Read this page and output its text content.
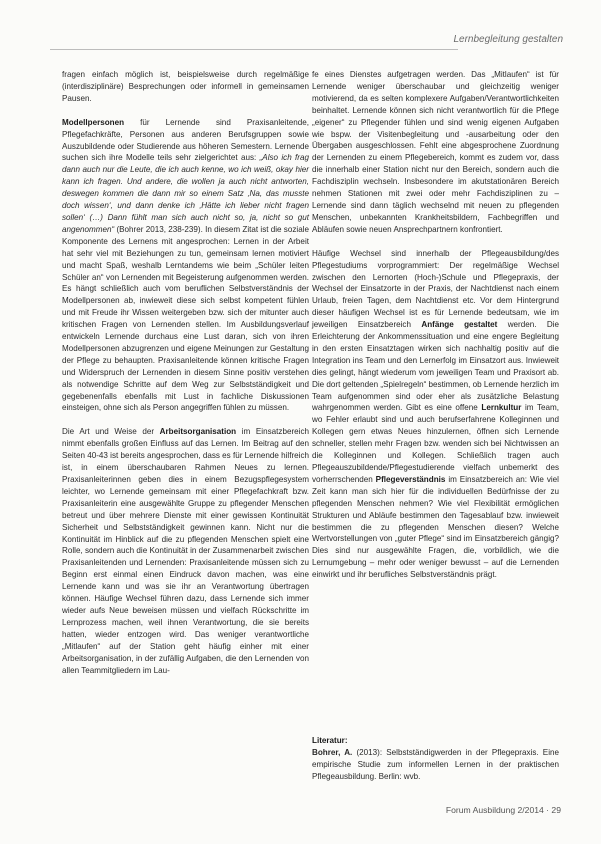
Lernbegleitung gestalten

fragen einfach möglich ist, beispielsweise durch regelmäßige (interdisziplinäre) Besprechungen oder informell in gemeinsamen Pausen.

Modellpersonen für Lernende sind Praxisanleitende, Pflegefachkräfte, Personen aus anderen Berufsgruppen sowie Auszubildende oder Studierende aus höheren Semestern. Lernende suchen sich ihre Modelle teils sehr zielgerichtet aus: „Also ich frag dann auch nur die Leute, die ich auch kenne, wo ich weiß, okay hier kann ich fragen. Und andere, die wollen ja auch nicht antworten, deswegen kommen die dann mir so einem Satz ‚Na, das musste doch wissen‘, und dann denke ich ‚Hätte ich lieber nicht fragen sollen‘ (…) Dann fühlt man sich auch nicht so, ja, nicht so gut angenommen“ (Bohrer 2013, 238-239). In diesem Zitat ist die soziale Komponente des Lernens mit angesprochen: Lernen in der Arbeit hat sehr viel mit Beziehungen zu tun, gemeinsam lernen motiviert und macht Spaß, weshalb Lerntandems wie beim „Schüler leiten Schüler an“ von Lernenden mit Begeisterung aufgenommen werden. Es hängt schließlich auch vom beruflichen Selbstverständnis der Modellpersonen ab, inwieweit diese sich selbst kompetent fühlen und mit Freude ihr Wissen weitergeben bzw. sich der mitunter auch kritischen Fragen von Lernenden stellen. Im Ausbildungsverlauf entwickeln Lernende durchaus eine Lust daran, sich von ihren Modellpersonen abzugrenzen und eigene Meinungen zur Gestaltung der Pflege zu behaupten. Praxisanleitende können kritische Fragen und Widerspruch der Lernenden in diesem Sinne positiv verstehen als notwendige Schritte auf dem Weg zur Selbstständigkeit und gegebenenfalls ebenfalls mit Lust in fachliche Diskussionen einsteigen, ohne sich als Person angegriffen fühlen zu müssen.

Die Art und Weise der Arbeitsorganisation im Einsatzbereich nimmt ebenfalls großen Einfluss auf das Lernen. Im Beitrag auf den Seiten 40-43 ist bereits angesprochen, dass es für Lernende hilfreich ist, in einem überschaubaren Rahmen Neues zu lernen. Praxisanleiterinnen geben dies in einem Bezugspflegesystem leichter, wo Lernende gemeinsam mit einer Pflegefachkraft bzw. Praxisanleiterin eine ausgewählte Gruppe zu pflegender Menschen betreut und über mehrere Dienste mit einer gewissen Kontinuität Sicherheit und Selbstständigkeit gewinnen kann. Nicht nur die Kontinuität im Hinblick auf die zu pflegenden Menschen spielt eine Rolle, sondern auch die Kontinuität in der Zusammenarbeit zwischen Praxisanleitenden und Lernenden: Praxisanleitende müssen sich zu Beginn erst einmal einen Eindruck davon machen, was eine Lernende kann und was sie ihr an Verantwortung übertragen können. Häufige Wechsel führen dazu, dass Lernende sich immer wieder aufs Neue beweisen müssen und vielfach Rückschritte im Lernprozess machen, weil ihnen Verantwortung, die sie bereits hatten, wieder entzogen wird. Das weniger verantwortliche „Mitlaufen“ auf der Station geht häufig einher mit einer Arbeitsorganisation, in der zufällig Aufgaben, die den Lernenden von allen Teammitgliedern im Lau-

fe eines Dienstes aufgetragen werden. Das „Mitlaufen“ ist für Lernende weniger überschaubar und gleichzeitig weniger motivierend, da es selten komplexere Aufgaben/Verantwortlichkeiten beinhaltet. Lernende können sich nicht verantwortlich für die Pflege „eigener“ zu Pflegender fühlen und sind wenig eigenen Aufgaben wie bspw. der Visitenbegleitung und -ausarbeitung oder den Übergaben ausgeschlossen. Fehlt eine abgesprochene Zuordnung der Lernenden zu einem Pflegebereich, kommt es zudem vor, dass die innerhalb einer Station nicht nur den Bereich, sondern auch die Fachdisziplin wechseln. Insbesondere im akutstationären Bereich nehmen Stationen mit zwei oder mehr Fachdisziplinen zu – Lernende sind dann täglich wechselnd mit neuen zu pflegenden Menschen, unbekannten Krankheitsbildern, Fachbegriffen und Abläufen sowie neuen Ansprechpartnern konfrontiert.

Häufige Wechsel sind innerhalb der Pflegeausbildung/des Pflegestudiums vorprogrammiert: Der regelmäßige Wechsel zwischen den Lernorten (Hoch-)Schule und Pflegepraxis, der Wechsel der Einsatzorte in der Praxis, der Nachtdienst nach einem Urlaub, freien Tagen, dem Nachtdienst etc. Vor dem Hintergrund dieser häufigen Wechsel ist es für Lernende bedeutsam, wie im jeweiligen Einsatzbereich Anfänge gestaltet werden. Die Erleichterung der Ankommenssituation und eine engere Begleitung in den ersten Einsatztagen wirken sich nachhaltig positiv auf die Integration ins Team und den Lernerfolg im Einsatzort aus. Inwieweit dies gelingt, hängt wiederum vom jeweiligen Team und Praxisort ab. Die dort geltenden „Spielregeln“ bestimmen, ob Lernende herzlich im Team aufgenommen sind oder eher als zusätzliche Belastung wahrgenommen werden. Gibt es eine offene Lernkultur im Team, wo Fehler erlaubt sind und auch berufserfahrene Kolleginnen und Kollegen gern etwas Neues hinzulernen, öffnen sich Lernende schneller, stellen mehr Fragen bzw. wenden sich bei Nichtwissen an die Kolleginnen und Kollegen. Schließlich tragen auch Pflegeauszubildende/Pflegestudierende vielfach unbemerkt des vorherrschenden Pflegeverständnis im Einsatzbereich an: Wie viel Zeit kann man sich hier für die individuellen Bedürfnisse der zu pflegenden Menschen nehmen? Wie viel Flexibilität ermöglichen Strukturen und Abläufe bestimmen den Tagesablauf bzw. inwieweit bestimmen die zu pflegenden Menschen diesen? Welche Wertvorstellungen von „guter Pflege“ sind im Einsatzbereich gängig? Dies sind nur ausgewählte Fragen, die, vorbildlich, wie die Lernumgebung – mehr oder weniger bewusst – auf die Lernenden einwirkt und ihr berufliches Selbstverständnis prägt.

Literatur:
Bohrer, A. (2013): Selbstständigwerden in der Pflegepraxis. Eine empirische Studie zum informellen Lernen in der praktischen Pflegeausbildung. Berlin: wvb.
Forum Ausbildung 2/2014 · 29
